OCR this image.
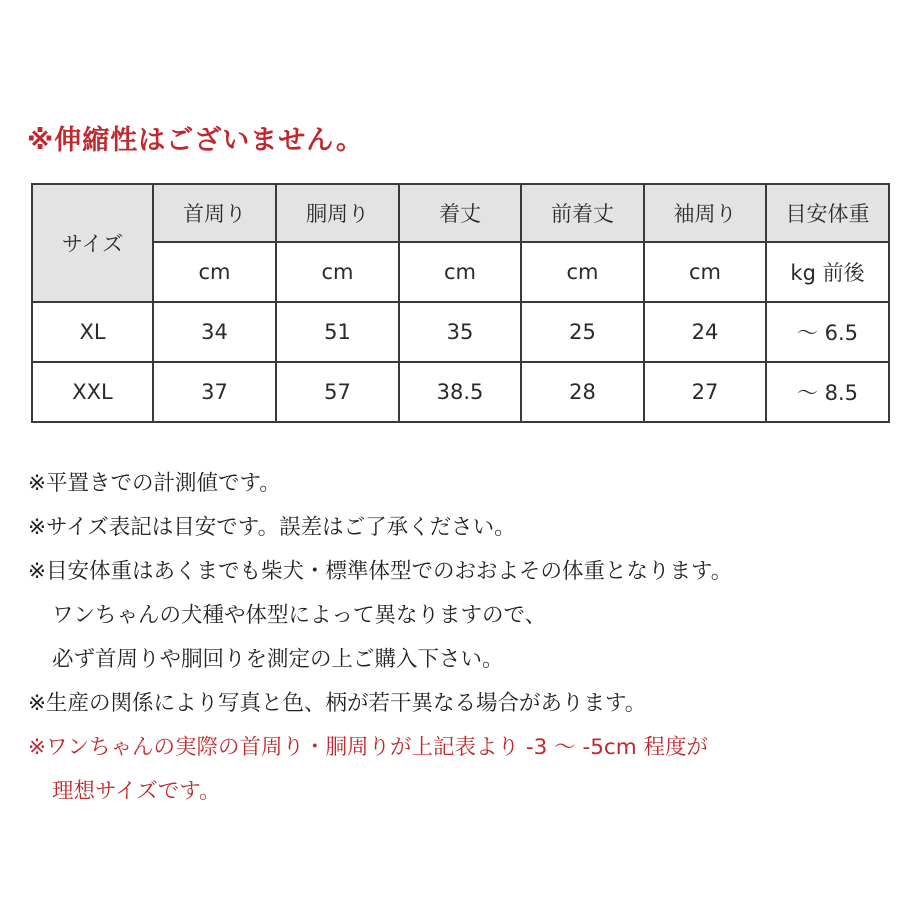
※伸縮性はございません。
サイズ	首周り	胴周り	着丈	前着丈	袖周り	目安体重
	cm	cm	cm	cm	cm	kg 前後
XL	34	51	35	25	24	～ 6.5
XXL	37	57	38.5	28	27	～ 8.5
※平置きでの計測値です。
※サイズ表記は目安です。誤差はご了承ください。
※目安体重はあくまでも柴犬・標準体型でのおおよその体重となります。
ワンちゃんの犬種や体型によって異なりますので、
必ず首周りや胴回りを測定の上ご購入下さい。
※生産の関係により写真と色、柄が若干異なる場合があります。
※ワンちゃんの実際の首周り・胴周りが上記表より -3 ～ -5cm 程度が
理想サイズです。
